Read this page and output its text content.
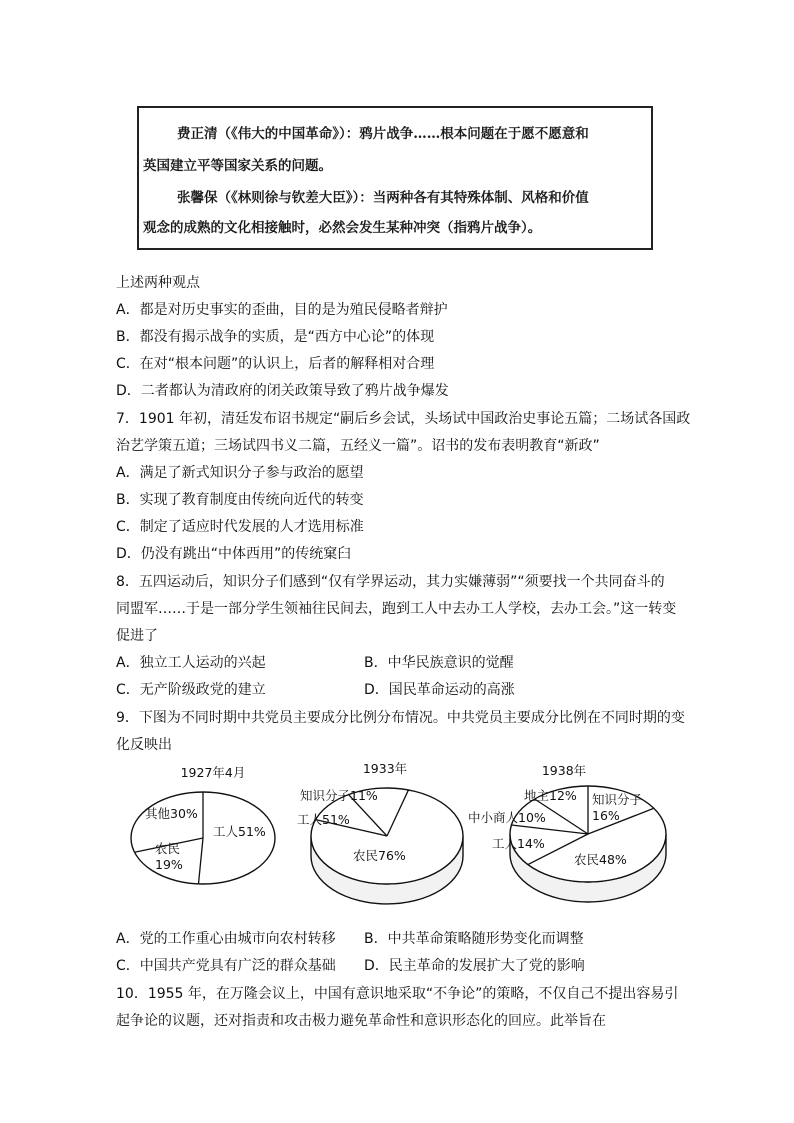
费正清（《伟大的中国革命》）：鸦片战争……根本问题在于愿不愿意和
英国建立平等国家关系的问题。
张馨保（《林则徐与钦差大臣》）：当两种各有其特殊体制、风格和价值
观念的成熟的文化相接触时，必然会发生某种冲突（指鸦片战争）。
上述两种观点
A．都是对历史事实的歪曲，目的是为殖民侵略者辩护
B．都没有揭示战争的实质，是“西方中心论”的体现
C．在对“根本问题”的认识上，后者的解释相对合理
D．二者都认为清政府的闭关政策导致了鸦片战争爆发
7．1901 年初，清廷发布诏书规定“嗣后乡会试，头场试中国政治史事论五篇；二场试各国政
治艺学策五道；三场试四书义二篇，五经义一篇”。诏书的发布表明教育“新政”
A．满足了新式知识分子参与政治的愿望
B．实现了教育制度由传统向近代的转变
C．制定了适应时代发展的人才选用标准
D．仍没有跳出“中体西用”的传统窠臼
8．五四运动后，知识分子们感到“仅有学界运动，其力实嫌薄弱”“须要找一个共同奋斗的
同盟军……于是一部分学生领袖往民间去，跑到工人中去办工人学校，去办工会。”这一转变
促进了
A．独立工人运动的兴起	B．中华民族意识的觉醒
C．无产阶级政党的建立	D．国民革命运动的高涨
9．下图为不同时期中共党员主要成分比例分布情况。中共党员主要成分比例在不同时期的变
化反映出
1927年4月
工人51%
农民 19%
其他30%
1933年
知识分子11%
工人51%
农民76%
1938年
知识分子 16%
农民48%
工人14%
中小商人10%
地主12%
A．党的工作重心由城市向农村转移 B．中共革命策略随形势变化而调整
C．中国共产党具有广泛的群众基础 D．民主革命的发展扩大了党的影响
10．1955 年，在万隆会议上，中国有意识地采取“不争论”的策略，不仅自己不提出容易引
起争论的议题，还对指责和攻击极力避免革命性和意识形态化的回应。此举旨在
